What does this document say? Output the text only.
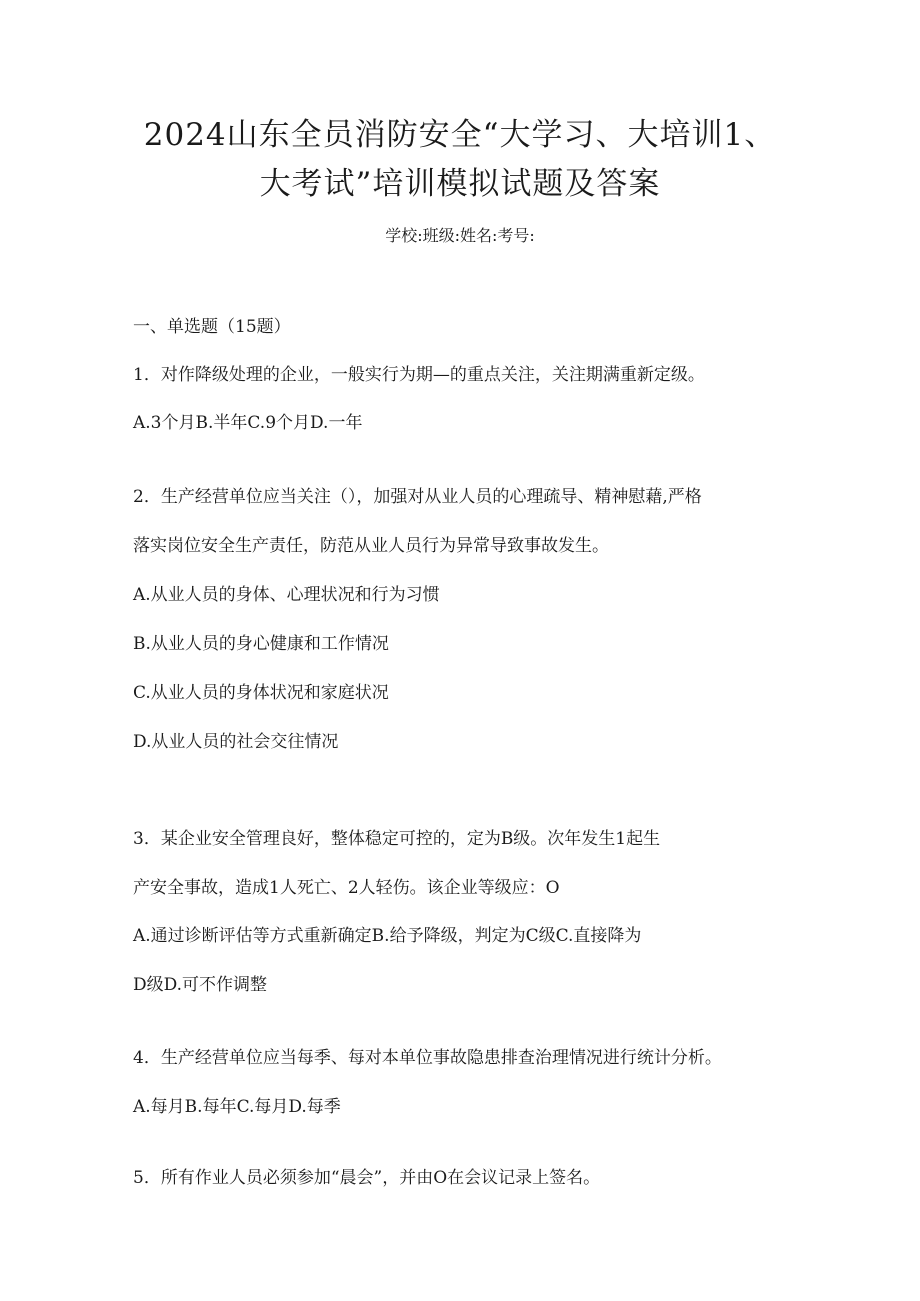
2024山东全员消防安全“大学习、大培训1、
大考试”培训模拟试题及答案
学校:班级:姓名:考号:
一、单选题（15题）
1．对作降级处理的企业，一般实行为期—的重点关注，关注期满重新定级。
A.3个月B.半年C.9个月D.一年
2．生产经营单位应当关注（），加强对从业人员的心理疏导、精神慰藉,严格
落实岗位安全生产责任，防范从业人员行为异常导致事故发生。
A.从业人员的身体、心理状况和行为习惯
B.从业人员的身心健康和工作情况
C.从业人员的身体状况和家庭状况
D.从业人员的社会交往情况
3．某企业安全管理良好，整体稳定可控的，定为B级。次年发生1起生
产安全事故，造成1人死亡、2人轻伤。该企业等级应：O
A.通过诊断评估等方式重新确定B.给予降级，判定为C级C.直接降为
D级D.可不作调整
4．生产经营单位应当每季、每对本单位事故隐患排查治理情况进行统计分析。
A.每月B.每年C.每月D.每季
5．所有作业人员必须参加“晨会”，并由O在会议记录上签名。
